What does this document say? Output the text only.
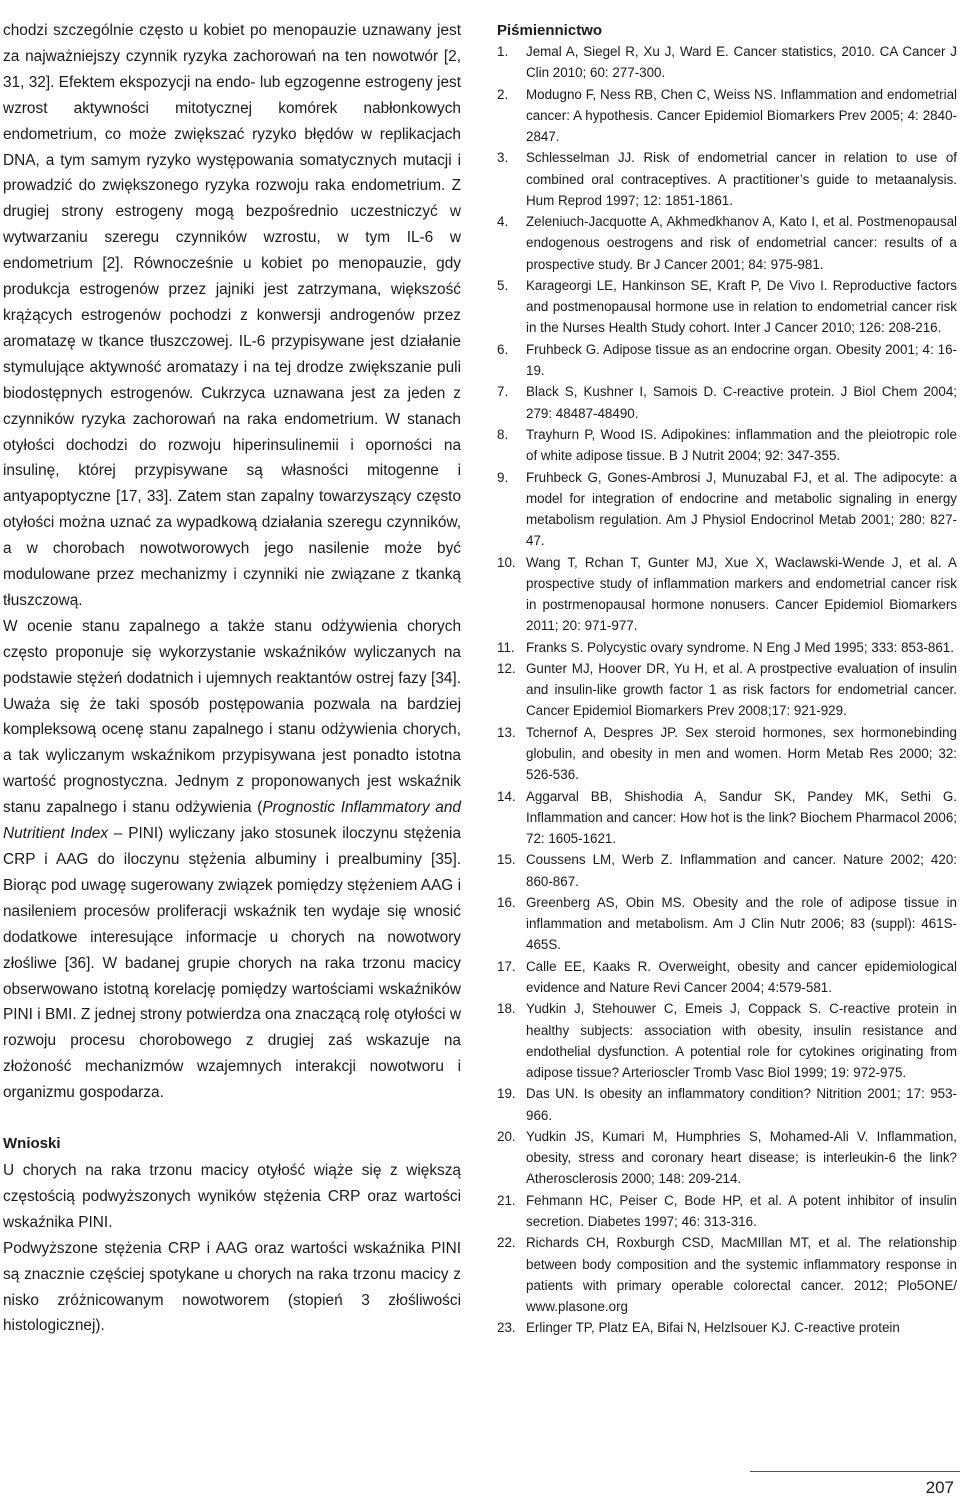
chodzi szczególnie często u kobiet po menopauzie uznawany jest za najważniejszy czynnik ryzyka zachorowań na ten nowotwór [2, 31, 32]. Efektem ekspozycji na endo- lub egzogenne estrogeny jest wzrost aktywności mitotycznej komórek nabłonkowych endometrium, co może zwiększać ryzyko błędów w replikacjach DNA, a tym samym ryzyko występowania somatycznych mutacji i prowadzić do zwiększonego ryzyka rozwoju raka endometrium. Z drugiej strony estrogeny mogą bezpośrednio uczestniczyć w wytwarzaniu szeregu czynników wzrostu, w tym IL-6 w endometrium [2]. Równocześnie u kobiet po menopauzie, gdy produkcja estrogenów przez jajniki jest zatrzymana, większość krążących estrogenów pochodzi z konwersji androgenów przez aromatazę w tkance tłuszczowej. IL-6 przypisywane jest działanie stymulujące aktywność aromatazy i na tej drodze zwiększanie puli biodostępnych estrogenów. Cukrzyca uznawana jest za jeden z czynników ryzyka zachorowań na raka endometrium. W stanach otyłości dochodzi do rozwoju hiperinsulinemii i oporności na insulinę, której przypisywane są własności mitogenne i antyapoptyczne [17, 33]. Zatem stan zapalny towarzyszący często otyłości można uznać za wypadkową działania szeregu czynników, a w chorobach nowotworowych jego nasilenie może być modulowane przez mechanizmy i czynniki nie związane z tkanką tłuszczową.

W ocenie stanu zapalnego a także stanu odżywienia chorych często proponuje się wykorzystanie wskaźników wyliczanych na podstawie stężeń dodatnich i ujemnych reaktantów ostrej fazy [34]. Uważa się że taki sposób postępowania pozwala na bardziej kompleksową ocenę stanu zapalnego i stanu odżywienia chorych, a tak wyliczanym wskaźnikom przypisywana jest ponadto istotna wartość prognostyczna. Jednym z proponowanych jest wskaźnik stanu zapalnego i stanu odżywienia (Prognostic Inflammatory and Nutritient Index – PINI) wyliczany jako stosunek iloczynu stężenia CRP i AAG do iloczynu stężenia albuminy i prealbuminy [35]. Biorąc pod uwagę sugerowany związek pomiędzy stężeniem AAG i nasileniem procesów proliferacji wskaźnik ten wydaje się wnosić dodatkowe interesujące informacje u chorych na nowotwory złośliwe [36]. W badanej grupie chorych na raka trzonu macicy obserwowano istotną korelację pomiędzy wartościami wskaźników PINI i BMI. Z jednej strony potwierdza ona znaczącą rolę otyłości w rozwoju procesu chorobowego z drugiej zaś wskazuje na złożoność mechanizmów wzajemnych interakcji nowotworu i organizmu gospodarza.

Wnioski

U chorych na raka trzonu macicy otyłość wiąże się z większą częstością podwyższonych wyników stężenia CRP oraz wartości wskaźnika PINI.

Podwyższone stężenia CRP i AAG oraz wartości wskaźnika PINI są znacznie częściej spotykane u chorych na raka trzonu macicy z nisko zróżnicowanym nowotworem (stopień 3 złośliwości histologicznej).

Piśmiennictwo
1. Jemal A, Siegel R, Xu J, Ward E. Cancer statistics, 2010. CA Cancer J Clin 2010; 60: 277-300.
2. Modugno F, Ness RB, Chen C, Weiss NS. Inflammation and endometrial cancer: A hypothesis. Cancer Epidemiol Biomarkers Prev 2005; 4: 2840-2847.
3. Schlesselman JJ. Risk of endometrial cancer in relation to use of combined oral contraceptives. A practitioner’s guide to metaanalysis. Hum Reprod 1997; 12: 1851-1861.
4. Zeleniuch-Jacquotte A, Akhmedkhanov A, Kato I, et al. Postmenopausal endogenous oestrogens and risk of endometrial cancer: results of a prospective study. Br J Cancer 2001; 84: 975-981.
5. Karageorgi LE, Hankinson SE, Kraft P, De Vivo I. Reproductive factors and postmenopausal hormone use in relation to endometrial cancer risk in the Nurses Health Study cohort. Inter J Cancer 2010; 126: 208-216.
6. Fruhbeck G. Adipose tissue as an endocrine organ. Obesity 2001; 4: 16-19.
7. Black S, Kushner I, Samois D. C-reactive protein. J Biol Chem 2004; 279: 48487-48490.
8. Trayhurn P, Wood IS. Adipokines: inflammation and the pleiotropic role of white adipose tissue. B J Nutrit 2004; 92: 347-355.
9. Fruhbeck G, Gones-Ambrosi J, Munuzabal FJ, et al. The adipocyte: a model for integration of endocrine and metabolic signaling in energy metabolism regulation. Am J Physiol Endocrinol Metab 2001; 280: 827-47.
10. Wang T, Rchan T, Gunter MJ, Xue X, Waclawski-Wende J, et al. A prospective study of inflammation markers and endometrial cancer risk in postrmenopausal hormone nonusers. Cancer Epidemiol Biomarkers 2011; 20: 971-977.
11. Franks S. Polycystic ovary syndrome. N Eng J Med 1995; 333: 853-861.
12. Gunter MJ, Hoover DR, Yu H, et al. A prostpective evaluation of insulin and insulin-like growth factor 1 as risk factors for endometrial cancer. Cancer Epidemiol Biomarkers Prev 2008;17: 921-929.
13. Tchernof A, Despres JP. Sex steroid hormones, sex hormonebinding globulin, and obesity in men and women. Horm Metab Res 2000; 32: 526-536.
14. Aggarval BB, Shishodia A, Sandur SK, Pandey MK, Sethi G. Inflammation and cancer: How hot is the link? Biochem Pharmacol 2006; 72: 1605-1621.
15. Coussens LM, Werb Z. Inflammation and cancer. Nature 2002; 420: 860-867.
16. Greenberg AS, Obin MS. Obesity and the role of adipose tissue in inflammation and metabolism. Am J Clin Nutr 2006; 83 (suppl): 461S-465S.
17. Calle EE, Kaaks R. Overweight, obesity and cancer epidemiological evidence and Nature Revi Cancer 2004; 4:579-581.
18. Yudkin J, Stehouwer C, Emeis J, Coppack S. C-reactive protein in healthy subjects: association with obesity, insulin resistance and endothelial dysfunction. A potential role for cytokines originating from adipose tissue? Arterioscler Tromb Vasc Biol 1999; 19: 972-975.
19. Das UN. Is obesity an inflammatory condition? Nitrition 2001; 17: 953-966.
20. Yudkin JS, Kumari M, Humphries S, Mohamed-Ali V. Inflammation, obesity, stress and coronary heart disease; is interleukin-6 the link? Atherosclerosis 2000; 148: 209-214.
21. Fehmann HC, Peiser C, Bode HP, et al. A potent inhibitor of insulin secretion. Diabetes 1997; 46: 313-316.
22. Richards CH, Roxburgh CSD, MacMIllan MT, et al. The relationship between body composition and the systemic inflammatory response in patients with primary operable colorectal cancer. 2012; Plo5ONE/ www.plasone.org
23. Erlinger TP, Platz EA, Bifai N, Helzlsouer KJ. C-reactive protein
207
